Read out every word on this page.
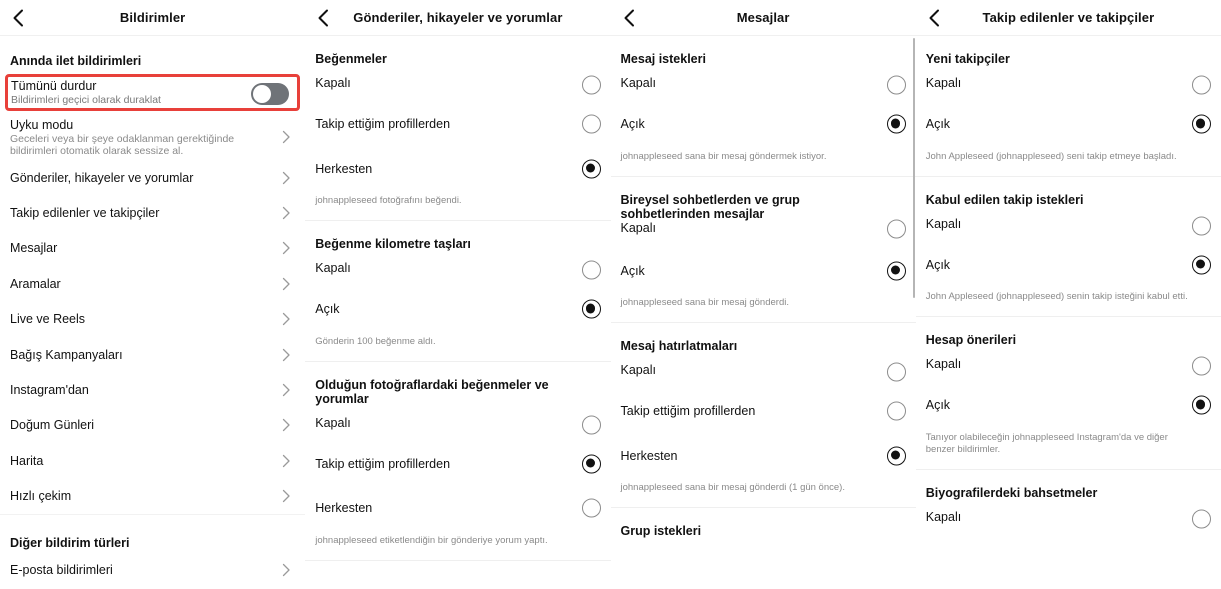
Bildirimler
Anında ilet bildirimleri
Tümünü durdur
Bildirimleri geçici olarak duraklat
Uyku modu
Geceleri veya bir şeye odaklanman gerektiğinde bildirimleri otomatik olarak sessize al.
Gönderiler, hikayeler ve yorumlar
Takip edilenler ve takipçiler
Mesajlar
Aramalar
Live ve Reels
Bağış Kampanyaları
Instagram'dan
Doğum Günleri
Harita
Hızlı çekim
Diğer bildirim türleri
E-posta bildirimleri
Gönderiler, hikayeler ve yorumlar
Beğenmeler
Kapalı
Takip ettiğim profillerden
Herkesten
johnappleseed fotoğrafını beğendi.
Beğenme kilometre taşları
Kapalı
Açık
Gönderin 100 beğenme aldı.
Olduğun fotoğraflardaki beğenmeler ve yorumlar
Kapalı
Takip ettiğim profillerden
Herkesten
johnappleseed etiketlendiğin bir gönderiye yorum yaptı.
Mesajlar
Mesaj istekleri
Kapalı
Açık
johnappleseed sana bir mesaj göndermek istiyor.
Bireysel sohbetlerden ve grup sohbetlerinden mesajlar
Kapalı
Açık
johnappleseed sana bir mesaj gönderdi.
Mesaj hatırlatmaları
Kapalı
Takip ettiğim profillerden
Herkesten
johnappleseed sana bir mesaj gönderdi (1 gün önce).
Grup istekleri
Takip edilenler ve takipçiler
Yeni takipçiler
Kapalı
Açık
John Appleseed (johnappleseed) seni takip etmeye başladı.
Kabul edilen takip istekleri
Kapalı
Açık
John Appleseed (johnappleseed) senin takip isteğini kabul etti.
Hesap önerileri
Kapalı
Açık
Tanıyor olabileceğin johnappleseed Instagram'da ve diğer benzer bildirimler.
Biyografilerdeki bahsetmeler
Kapalı
